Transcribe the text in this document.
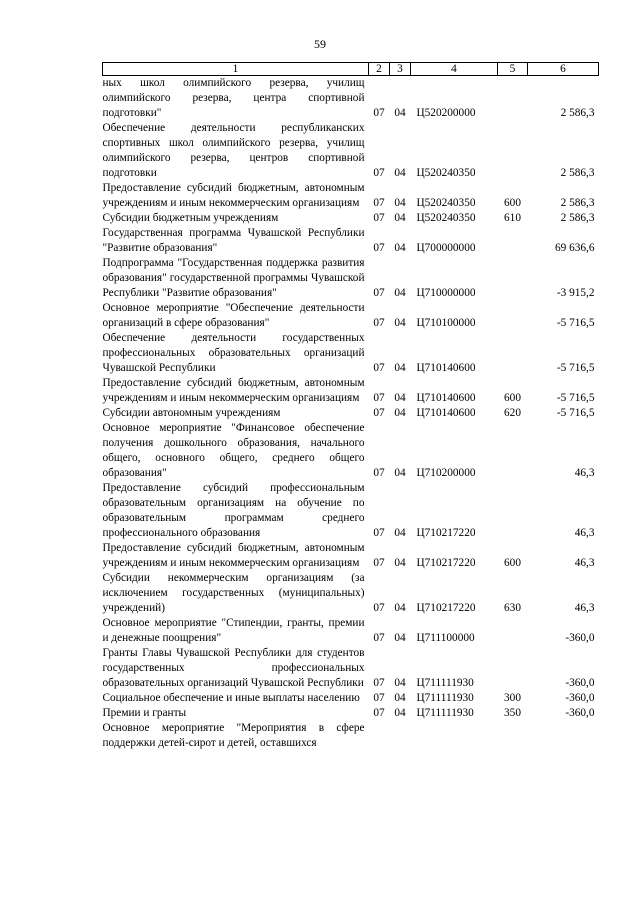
59
1	2	3	4	5	6
ных школ олимпийского резерва, училищ олимпийского резерва, центра спортивной подготовки"	07	04	Ц520200000		2 586,3
Обеспечение деятельности республиканских спортивных школ олимпийского резерва, училищ олимпийского резерва, центров спортивной подготовки	07	04	Ц520240350		2 586,3
Предоставление субсидий бюджетным, автономным учреждениям и иным некоммерческим организациям	07	04	Ц520240350	600	2 586,3
Субсидии бюджетным учреждениям	07	04	Ц520240350	610	2 586,3
Государственная программа Чувашской Республики "Развитие образования"	07	04	Ц700000000		69 636,6
Подпрограмма "Государственная поддержка развития образования" государственной программы Чувашской Республики "Развитие образования"	07	04	Ц710000000		-3 915,2
Основное мероприятие "Обеспечение деятельности организаций в сфере образования"	07	04	Ц710100000		-5 716,5
Обеспечение деятельности государственных профессиональных образовательных организаций Чувашской Республики	07	04	Ц710140600		-5 716,5
Предоставление субсидий бюджетным, автономным учреждениям и иным некоммерческим организациям	07	04	Ц710140600	600	-5 716,5
Субсидии автономным учреждениям	07	04	Ц710140600	620	-5 716,5
Основное мероприятие "Финансовое обеспечение получения дошкольного образования, начального общего, основного общего, среднего общего образования"	07	04	Ц710200000		46,3
Предоставление субсидий профессиональным образовательным организациям на обучение по образовательным программам среднего профессионального образования	07	04	Ц710217220		46,3
Предоставление субсидий бюджетным, автономным учреждениям и иным некоммерческим организациям	07	04	Ц710217220	600	46,3
Субсидии некоммерческим организациям (за исключением государственных (муниципальных) учреждений)	07	04	Ц710217220	630	46,3
Основное мероприятие "Стипендии, гранты, премии и денежные поощрения"	07	04	Ц711100000		-360,0
Гранты Главы Чувашской Республики для студентов государственных профессиональных образовательных организаций Чувашской Республики	07	04	Ц711111930		-360,0
Социальное обеспечение и иные выплаты населению	07	04	Ц711111930	300	-360,0
Премии и гранты	07	04	Ц711111930	350	-360,0
Основное мероприятие "Мероприятия в сфере поддержки детей-сирот и детей, оставшихся					
